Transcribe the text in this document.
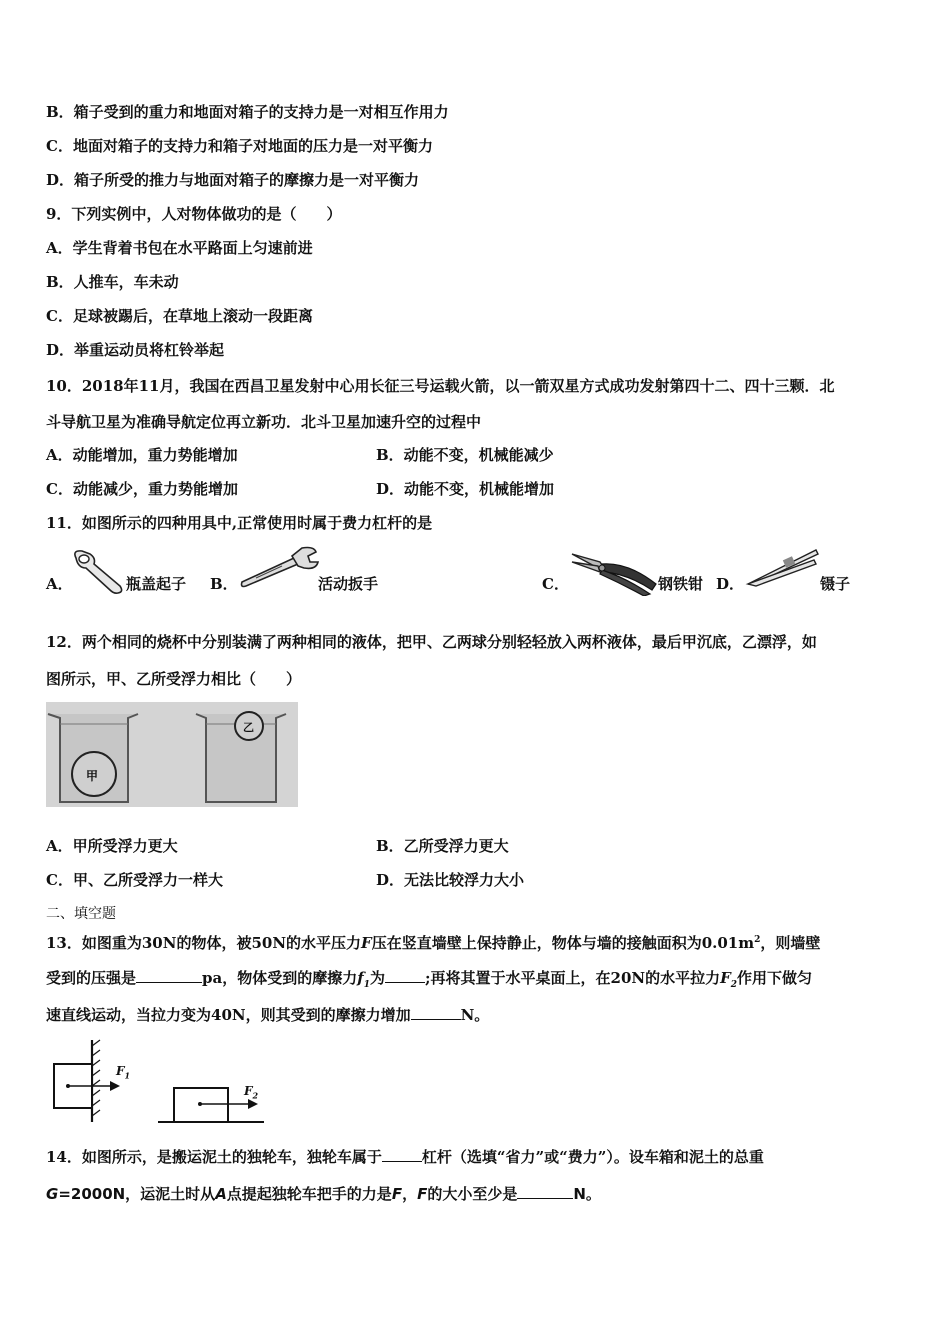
B．箱子受到的重力和地面对箱子的支持力是一对相互作用力
C．地面对箱子的支持力和箱子对地面的压力是一对平衡力
D．箱子所受的推力与地面对箱子的摩擦力是一对平衡力
9．下列实例中，人对物体做功的是（　　）
A．学生背着书包在水平路面上匀速前进
B．人推车，车未动
C．足球被踢后，在草地上滚动一段距离
D．举重运动员将杠铃举起
10．2018年11月，我国在西昌卫星发射中心用长征三号运载火箭，以一箭双星方式成功发射第四十二、四十三颗．北
斗导航卫星为准确导航定位再立新功．北斗卫星加速升空的过程中
A．动能增加，重力势能增加	B．动能不变，机械能减少
C．动能减少，重力势能增加	D．动能不变，机械能增加
11．如图所示的四种用具中,正常使用时属于费力杠杆的是
A．	瓶盖起子 B．	活动扳手	C．	钢铁钳 D．	镊子
12．两个相同的烧杯中分别装满了两种相同的液体，把甲、乙两球分别轻轻放入两杯液体，最后甲沉底，乙漂浮，如
图所示，甲、乙所受浮力相比（　　）
甲
乙
A．甲所受浮力更大	B．乙所受浮力更大
C．甲、乙所受浮力一样大	D．无法比较浮力大小
二、填空题
13．如图重为30N的物体，被50N的水平压力F压在竖直墙壁上保持静止，物体与墙的接触面积为$0.01m^2$，则墙壁
受到的压强是	pa，物体受到的摩擦力$f_1$为	;再将其置于水平桌面上，在20N的水平拉力$F_2$作用下做匀
速直线运动，当拉力变为40N，则其受到的摩擦力增加	N。
$F_1$
$F_2$
14．如图所示，是搬运泥土的独轮车，独轮车属于	杠杆（选填“省力”或“费力”）。设车箱和泥土的总重
G=2000N，运泥土时从A点提起独轮车把手的力是F，F的大小至少是	N。
